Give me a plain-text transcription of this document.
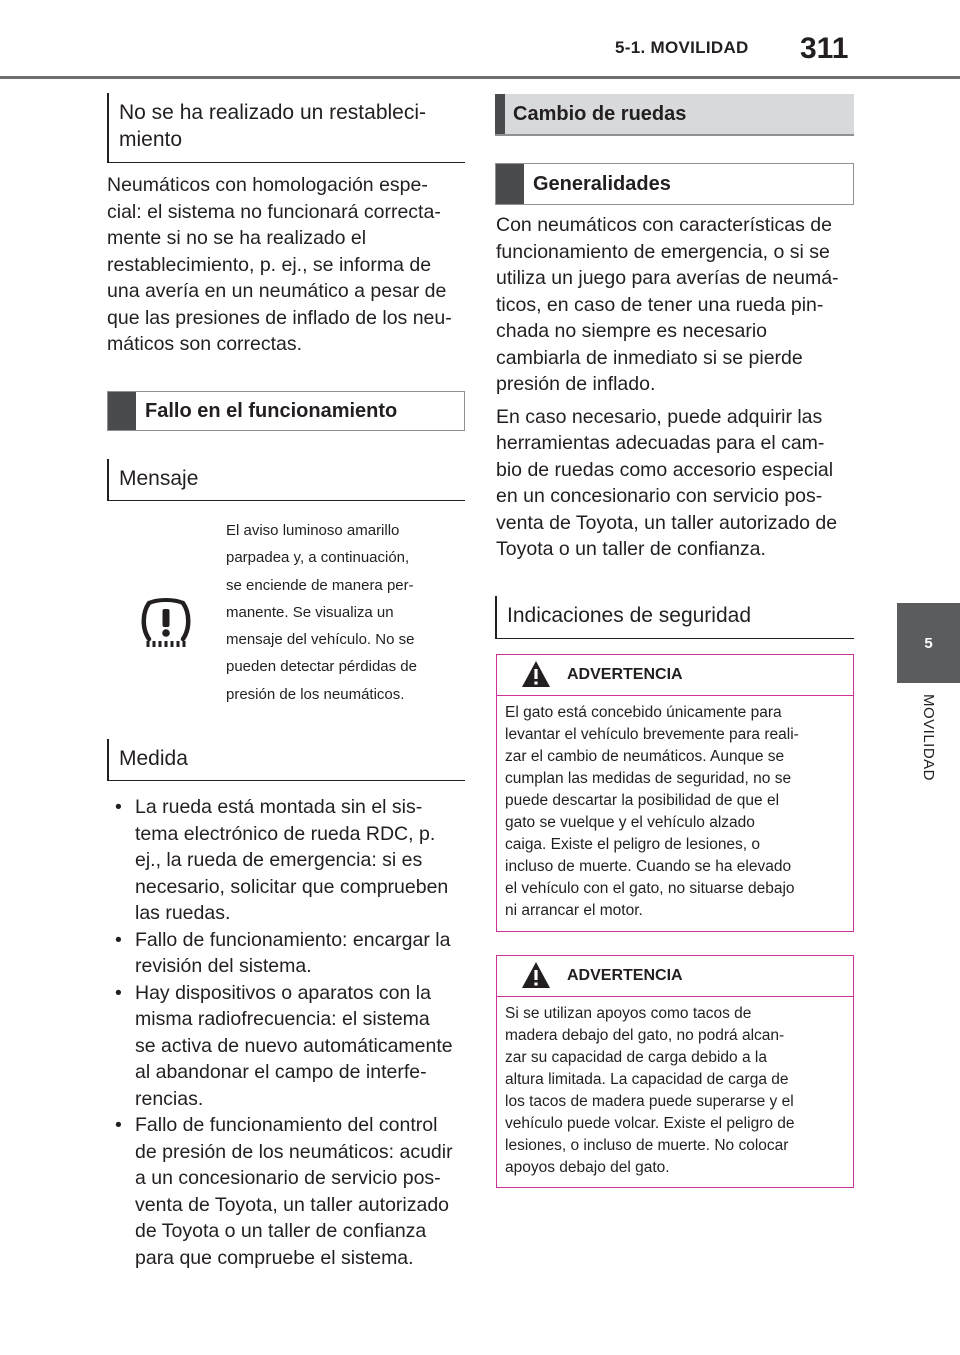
5-1. MOVILIDAD 311
5
MOVILIDAD
No se ha realizado un restableci-
miento
Neumáticos con homologación espe-
cial: el sistema no funcionará correcta-
mente si no se ha realizado el
restablecimiento, p. ej., se informa de
una avería en un neumático a pesar de
que las presiones de inflado de los neu-
máticos son correctas.
Fallo en el funcionamiento
Mensaje
El aviso luminoso amarillo
parpadea y, a continuación,
se enciende de manera per-
manente. Se visualiza un
mensaje del vehículo. No se
pueden detectar pérdidas de
presión de los neumáticos.
Medida
• La rueda está montada sin el sis-
tema electrónico de rueda RDC, p.
ej., la rueda de emergencia: si es
necesario, solicitar que comprueben
las ruedas.
• Fallo de funcionamiento: encargar la
revisión del sistema.
• Hay dispositivos o aparatos con la
misma radiofrecuencia: el sistema
se activa de nuevo automáticamente
al abandonar el campo de interfe-
rencias.
• Fallo de funcionamiento del control
de presión de los neumáticos: acudir
a un concesionario de servicio pos-
venta de Toyota, un taller autorizado
de Toyota o un taller de confianza
para que compruebe el sistema.
Cambio de ruedas
Generalidades

Con neumáticos con características de
funcionamiento de emergencia, o si se
utiliza un juego para averías de neumá-
ticos, en caso de tener una rueda pin-
chada no siempre es necesario
cambiarla de inmediato si se pierde
presión de inflado.

En caso necesario, puede adquirir las
herramientas adecuadas para el cam-
bio de ruedas como accesorio especial
en un concesionario con servicio pos-
venta de Toyota, un taller autorizado de
Toyota o un taller de confianza.

Indicaciones de seguridad
ADVERTENCIA
El gato está concebido únicamente para
levantar el vehículo brevemente para reali-
zar el cambio de neumáticos. Aunque se
cumplan las medidas de seguridad, no se
puede descartar la posibilidad de que el
gato se vuelque y el vehículo alzado
caiga. Existe el peligro de lesiones, o
incluso de muerte. Cuando se ha elevado
el vehículo con el gato, no situarse debajo
ni arrancar el motor.
ADVERTENCIA
Si se utilizan apoyos como tacos de
madera debajo del gato, no podrá alcan-
zar su capacidad de carga debido a la
altura limitada. La capacidad de carga de
los tacos de madera puede superarse y el
vehículo puede volcar. Existe el peligro de
lesiones, o incluso de muerte. No colocar
apoyos debajo del gato.
